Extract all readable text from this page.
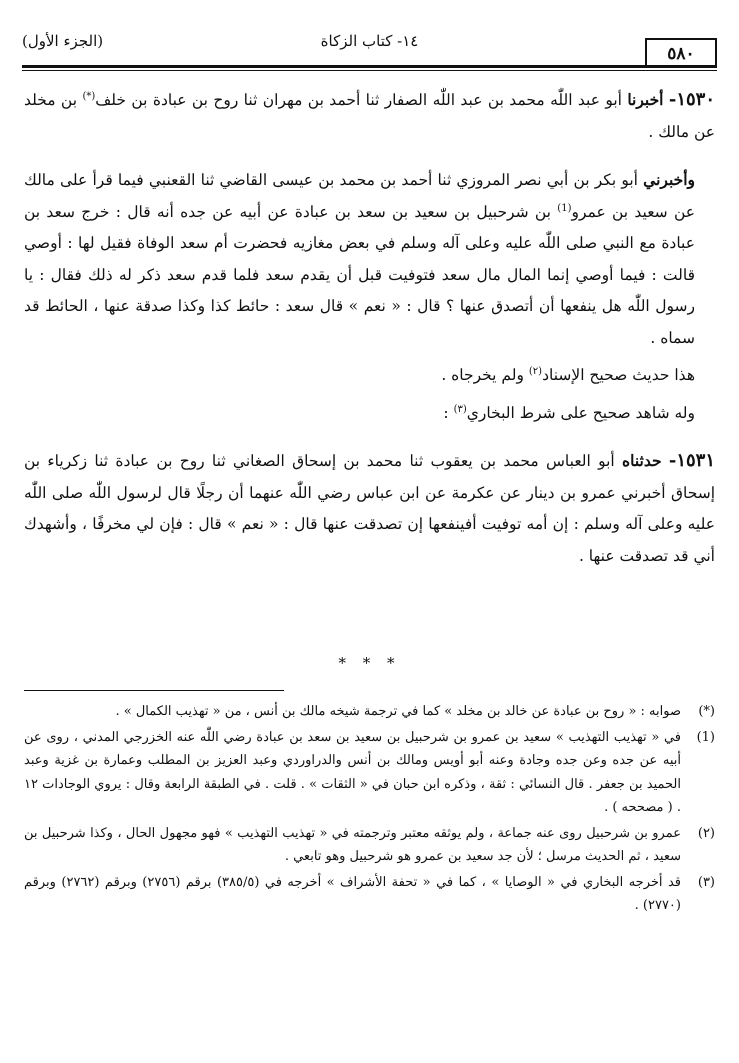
٥٨٠
١٤- كتاب الزكاة
(الجزء الأول)

١٥٣٠- أخبرنا أبو عبد اللّٰه محمد بن عبد اللّٰه الصفار ثنا أحمد بن مهران ثنا روح بن عبادة بن خلف(*) بن مخلد عن مالك .

وأخبرني أبو بكر بن أبي نصر المروزي ثنا أحمد بن محمد بن عيسى القاضي ثنا القعنبي فيما قرأ على مالك عن سعيد بن عمرو$^{(1)}$ بن شرحبيل بن سعيد بن سعد بن عبادة عن أبيه عن جده أنه قال : خرج سعد بن عبادة مع النبي صلى اللّٰه عليه وعلى آله وسلم في بعض مغازيه فحضرت أم سعد الوفاة فقيل لها : أوصي قالت : فيما أوصي إنما المال مال سعد فتوفيت قبل أن يقدم سعد فلما قدم سعد ذكر له ذلك فقال : يا رسول اللّٰه هل ينفعها أن أتصدق عنها ؟ قال : « نعم » قال سعد : حائط كذا وكذا صدقة عنها ، الحائط قد سماه .

هذا حديث صحيح الإسناد$^{(٢)}$ ولم يخرجاه .

وله شاهد صحيح على شرط البخاري$^{(٣)}$ :

١٥٣١- حدثناه أبو العباس محمد بن يعقوب ثنا محمد بن إسحاق الصغاني ثنا روح بن عبادة ثنا زكرياء بن إسحاق أخبرني عمرو بن دينار عن عكرمة عن ابن عباس رضي اللّٰه عنهما أن رجلًا قال لرسول اللّٰه صلى اللّٰه عليه وعلى آله وسلم : إن أمه توفيت أفينفعها إن تصدقت عنها قال : « نعم » قال : فإن لي مخرفًا ، وأشهدك أني قد تصدقت عنها .

* * *
(*)
صوابه : « روح بن عبادة عن خالد بن مخلد » كما في ترجمة شيخه مالك بن أنس ، من « تهذيب الكمال » .
(1)
في « تهذيب التهذيب » سعيد بن عمرو بن شرحبيل بن سعيد بن سعد بن عبادة رضي اللّٰه عنه الخزرجي المدني ، روى عن أبيه عن جده وعن جده وجادة وعنه أبو أويس ومالك بن أنس والدراوردي وعبد العزيز بن المطلب وعمارة بن غزية وعبد الحميد بن جعفر . قال النسائي : ثقة ، وذكره ابن حبان في « الثقات » . قلت . في الطبقة الرابعة وقال : يروي الوجادات ١٢ . ( مصححه ) .
(٢)
عمرو بن شرحبيل روى عنه جماعة ، ولم يوثقه معتبر وترجمته في « تهذيب التهذيب » فهو مجهول الحال ، وكذا شرحبيل بن سعيد ، ثم الحديث مرسل ؛ لأن جد سعيد بن عمرو هو شرحبيل وهو تابعي .
(٣)
قد أخرجه البخاري في « الوصايا » ، كما في « تحفة الأشراف » أخرجه في (٣٨٥/٥) برقم (٢٧٥٦) وبرقم (٢٧٦٢) وبرقم (٢٧٧٠) .
